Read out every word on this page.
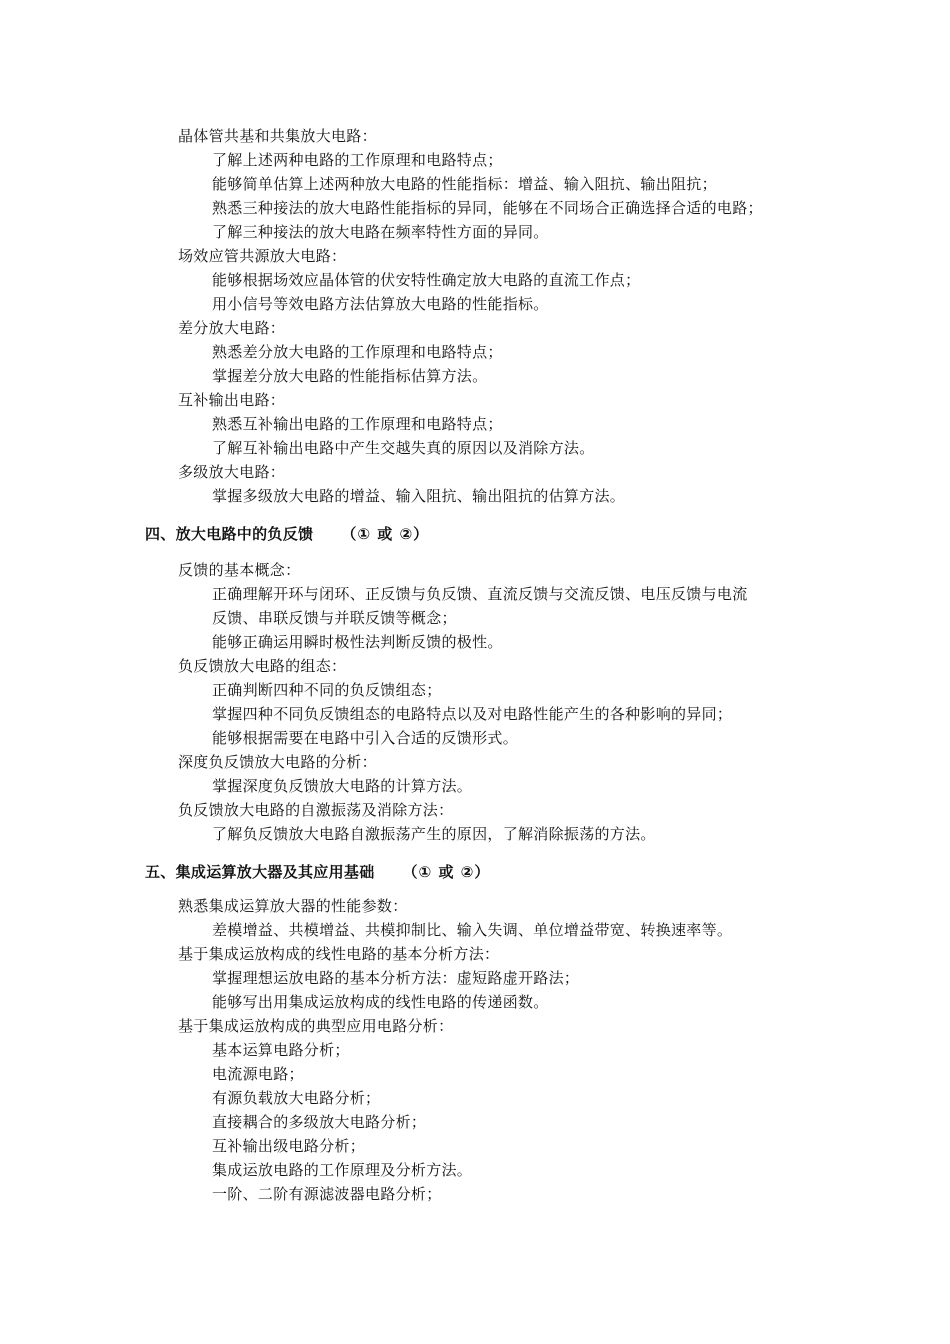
晶体管共基和共集放大电路：
了解上述两种电路的工作原理和电路特点；
能够简单估算上述两种放大电路的性能指标：增益、输入阻抗、输出阻抗；
熟悉三种接法的放大电路性能指标的异同，能够在不同场合正确选择合适的电路；
了解三种接法的放大电路在频率特性方面的异同。
场效应管共源放大电路：
能够根据场效应晶体管的伏安特性确定放大电路的直流工作点；
用小信号等效电路方法估算放大电路的性能指标。
差分放大电路：
熟悉差分放大电路的工作原理和电路特点；
掌握差分放大电路的性能指标估算方法。
互补输出电路：
熟悉互补输出电路的工作原理和电路特点；
了解互补输出电路中产生交越失真的原因以及消除方法。
多级放大电路：
掌握多级放大电路的增益、输入阻抗、输出阻抗的估算方法。
四、放大电路中的负反馈 （① 或 ②）
反馈的基本概念：
正确理解开环与闭环、正反馈与负反馈、直流反馈与交流反馈、电压反馈与电流
反馈、串联反馈与并联反馈等概念；
能够正确运用瞬时极性法判断反馈的极性。
负反馈放大电路的组态：
正确判断四种不同的负反馈组态；
掌握四种不同负反馈组态的电路特点以及对电路性能产生的各种影响的异同；
能够根据需要在电路中引入合适的反馈形式。
深度负反馈放大电路的分析：
掌握深度负反馈放大电路的计算方法。
负反馈放大电路的自激振荡及消除方法：
了解负反馈放大电路自激振荡产生的原因，了解消除振荡的方法。
五、集成运算放大器及其应用基础 （① 或 ②）
熟悉集成运算放大器的性能参数：
差模增益、共模增益、共模抑制比、输入失调、单位增益带宽、转换速率等。
基于集成运放构成的线性电路的基本分析方法：
掌握理想运放电路的基本分析方法：虚短路虚开路法；
能够写出用集成运放构成的线性电路的传递函数。
基于集成运放构成的典型应用电路分析：
基本运算电路分析；
电流源电路；
有源负载放大电路分析；
直接耦合的多级放大电路分析；
互补输出级电路分析；
集成运放电路的工作原理及分析方法。
一阶、二阶有源滤波器电路分析；
